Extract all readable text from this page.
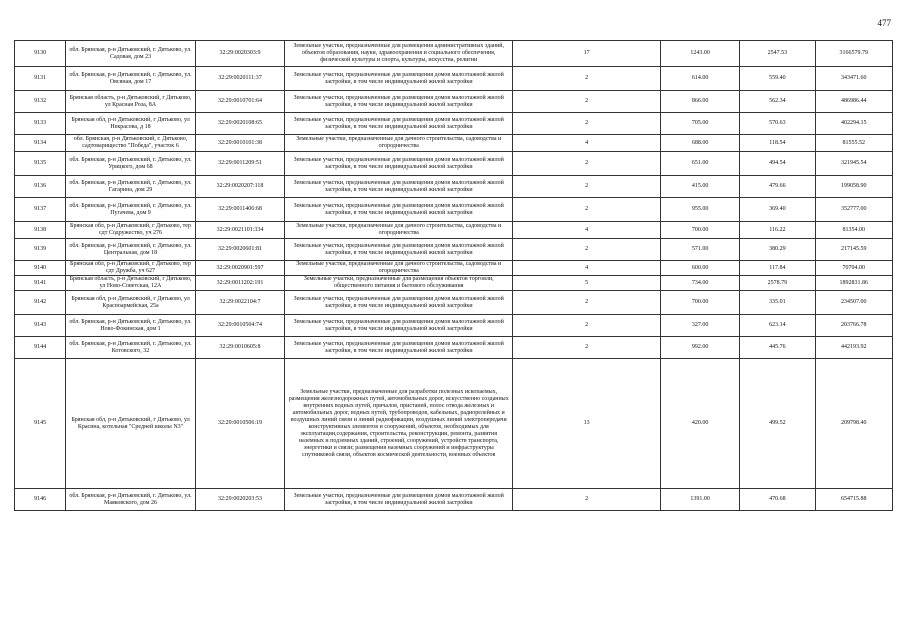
477
9130	обл. Брянская, р-н Дятьковский, г. Дятьково, ул. Садовая, дом 23	32:29:0020303:9	Земельные участки, предназначенные для размещения административных зданий, объектов образования, науки, здравоохранения и социального обеспечения, физической культуры и спорта, культуры, искусства, религии	17	1243.00	2547.53	3166579.79
9131	обл. Брянская, р-н Дятьковский, г. Дятьково, ул. Овсяная, дом 17	32:29:0020111:37	Земельные участки, предназначенные для размещения домов малоэтажной жилой застройки, в том числе индивидуальной жилой застройки	2	614.00	559.40	343471.60
9132	Брянская область, р-н Дятьковский, г Дятьково, ул Красная Роза, 8А	32:29:0010701:64	Земельные участки, предназначенные для размещения домов малоэтажной жилой застройки, в том числе индивидуальной жилой застройки	2	866.00	562.34	486986.44
9133	Брянская обл, р-н Дятьковский, г Дятьково, ул Некрасова, д 18	32:29:0020108:65	Земельные участки, предназначенные для размещения домов малоэтажной жилой застройки, в том числе индивидуальной жилой застройки	2	705.00	570.63	402294.15
9134	обл. Брянская, р-н Дятьковский, г. Дятьково, садтоварищество "Победа", участок 6	32:29:0010101:38	Земельные участки, предназначенные для дачного строительства, садоводства и огородничества	4	688.00	118.54	81555.52
9135	обл. Брянская, р-н Дятьковский, г. Дятьково, ул. Урицкого, дом 68	32:29:0011209:51	Земельные участки, предназначенные для размещения домов малоэтажной жилой застройки, в том числе индивидуальной жилой застройки	2	651.00	494.54	321945.54
9136	обл. Брянская, р-н Дятьковский, г. Дятьково, ул. Гагарина, дом 29	32:29:0020207:118	Земельные участки, предназначенные для размещения домов малоэтажной жилой застройки, в том числе индивидуальной жилой застройки	2	415.00	479.66	199058.90
9137	обл. Брянская, р-н Дятьковский, г. Дятьково, ул. Пугачева, дом 9	32:29:0011406:68	Земельные участки, предназначенные для размещения домов малоэтажной жилой застройки, в том числе индивидуальной жилой застройки	2	955.00	369.40	352777.00
9138	Брянская обл, р-н Дятьковский, г Дятьково, тер сдт Содружество, уч 276	32:29:0021101:334	Земельные участки, предназначенные для дачного строительства, садоводства и огородничества	4	700.00	116.22	81354.00
9139	обл. Брянская, р-н Дятьковский, г. Дятьково, ул. Центральная, дом 18	32:29:0020601:81	Земельные участки, предназначенные для размещения домов малоэтажной жилой застройки, в том числе индивидуальной жилой застройки	2	571.00	380.29	217145.59
9140	Брянская обл, р-н Дятьковский, г Дятьково, тер сдт Дружба, уч 627	32:29:0020901:597	Земельные участки, предназначенные для дачного строительства, садоводства и огородничества	4	600.00	117.84	70704.00
9141	Брянская область, р-н Дятьковский, г Дятьково, ул Ново-Советская, 12А	32:29:0011202:191	Земельные участки, предназначенные для размещения объектов торговли, общественного питания и бытового обслуживания	5	734.00	2578.79	1892831.86
9142	Брянская обл, р-н Дятьковский, г Дятьково, ул Красноармейская, 25а	32:29:0022104:7	Земельные участки, предназначенные для размещения домов малоэтажной жилой застройки, в том числе индивидуальной жилой застройки	2	700.00	335.01	234507.00
9143	обл. Брянская, р-н Дятьковский, г. Дятьково, ул. Ново-Фокинская, дом 1	32:29:0010504:74	Земельные участки, предназначенные для размещения домов малоэтажной жилой застройки, в том числе индивидуальной жилой застройки	2	327.00	623.14	203766.78
9144	обл. Брянская, р-н Дятьковский, г. Дятьково, ул. Котовского, 32	32:29:0010605:8	Земельные участки, предназначенные для размещения домов малоэтажной жилой застройки, в том числе индивидуальной жилой застройки	2	992.00	445.76	442193.92
9145	Брянская обл, р-н Дятьковский, г Дятьково, ул Красина, котельная "Средней школы N3"	32:29:0010506:19	Земельные участки, предназначенные для разработки полезных ископаемых, размещения железнодорожных путей, автомобильных дорог, искусственно созданных внутренних водных путей, причалов, пристаней, полос отвода железных и автомобильных дорог, водных путей, трубопроводов, кабельных, радиорелейных и воздушных линий связи и линий радиофикации, воздушных линий электропередачи конструктивных элементов и сооружений, объектов, необходимых для эксплуатации,содержания, строительства, реконструкции, ремонта, развития наземных и подземных зданий, строений, сооружений, устройств транспорта, энергетики и связи; размещения наземных сооружений и инфраструктуры спутниковой связи, объектов космической деятельности, военных объектов	13	420.00	499.52	209798.40
9146	обл. Брянская, р-н Дятьковский, г. Дятьково, ул. Маяковского, дом 26	32:29:0020203:53	Земельные участки, предназначенные для размещения домов малоэтажной жилой застройки, в том числе индивидуальной жилой застройки	2	1391.00	470.68	654715.88
